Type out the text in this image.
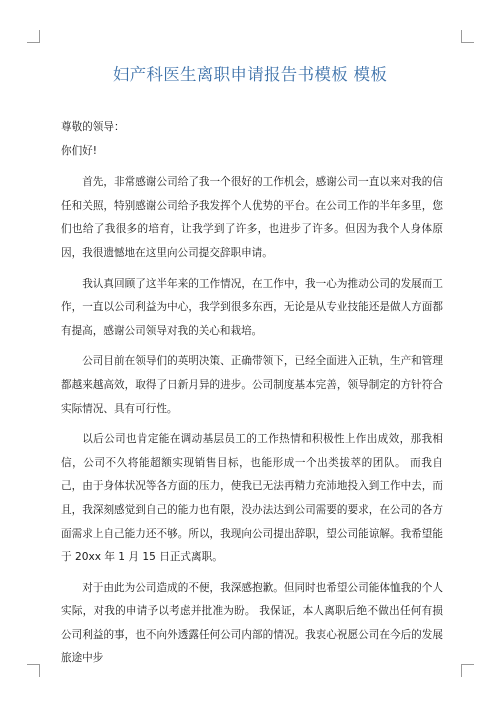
妇产科医生离职申请报告书模板 模板

尊敬的领导：

你们好!

首先，非常感谢公司给了我一个很好的工作机会，感谢公司一直以来对我的信任和关照，特别感谢公司给予我发挥个人优势的平台。在公司工作的半年多里，您们也给了我很多的培育，让我学到了许多，也进步了许多。但因为我个人身体原因，我很遗憾地在这里向公司提交辞职申请。

我认真回顾了这半年来的工作情况，在工作中，我一心为推动公司的发展而工作，一直以公司利益为中心，我学到很多东西，无论是从专业技能还是做人方面都有提高，感谢公司领导对我的关心和栽培。

公司目前在领导们的英明决策、正确带领下，已经全面进入正轨，生产和管理都越来越高效，取得了日新月异的进步。公司制度基本完善，领导制定的方针符合实际情况、具有可行性。

以后公司也肯定能在调动基层员工的工作热情和积极性上作出成效，那我相信，公司不久将能超额实现销售目标，也能形成一个出类拔萃的团队。 而我自己，由于身体状况等各方面的压力，使我已无法再精力充沛地投入到工作中去，而且，我深刻感觉到自己的能力也有限，没办法达到公司需要的要求，在公司的各方面需求上自己能力还不够。所以，我现向公司提出辞职，望公司能谅解。我希望能于 20xx 年 1 月 15 日正式离职。

对于由此为公司造成的不便，我深感抱歉。但同时也希望公司能体恤我的个人实际，对我的申请予以考虑并批准为盼。 我保证，本人离职后绝不做出任何有损公司利益的事，也不向外透露任何公司内部的情况。我衷心祝愿公司在今后的发展旅途中步
